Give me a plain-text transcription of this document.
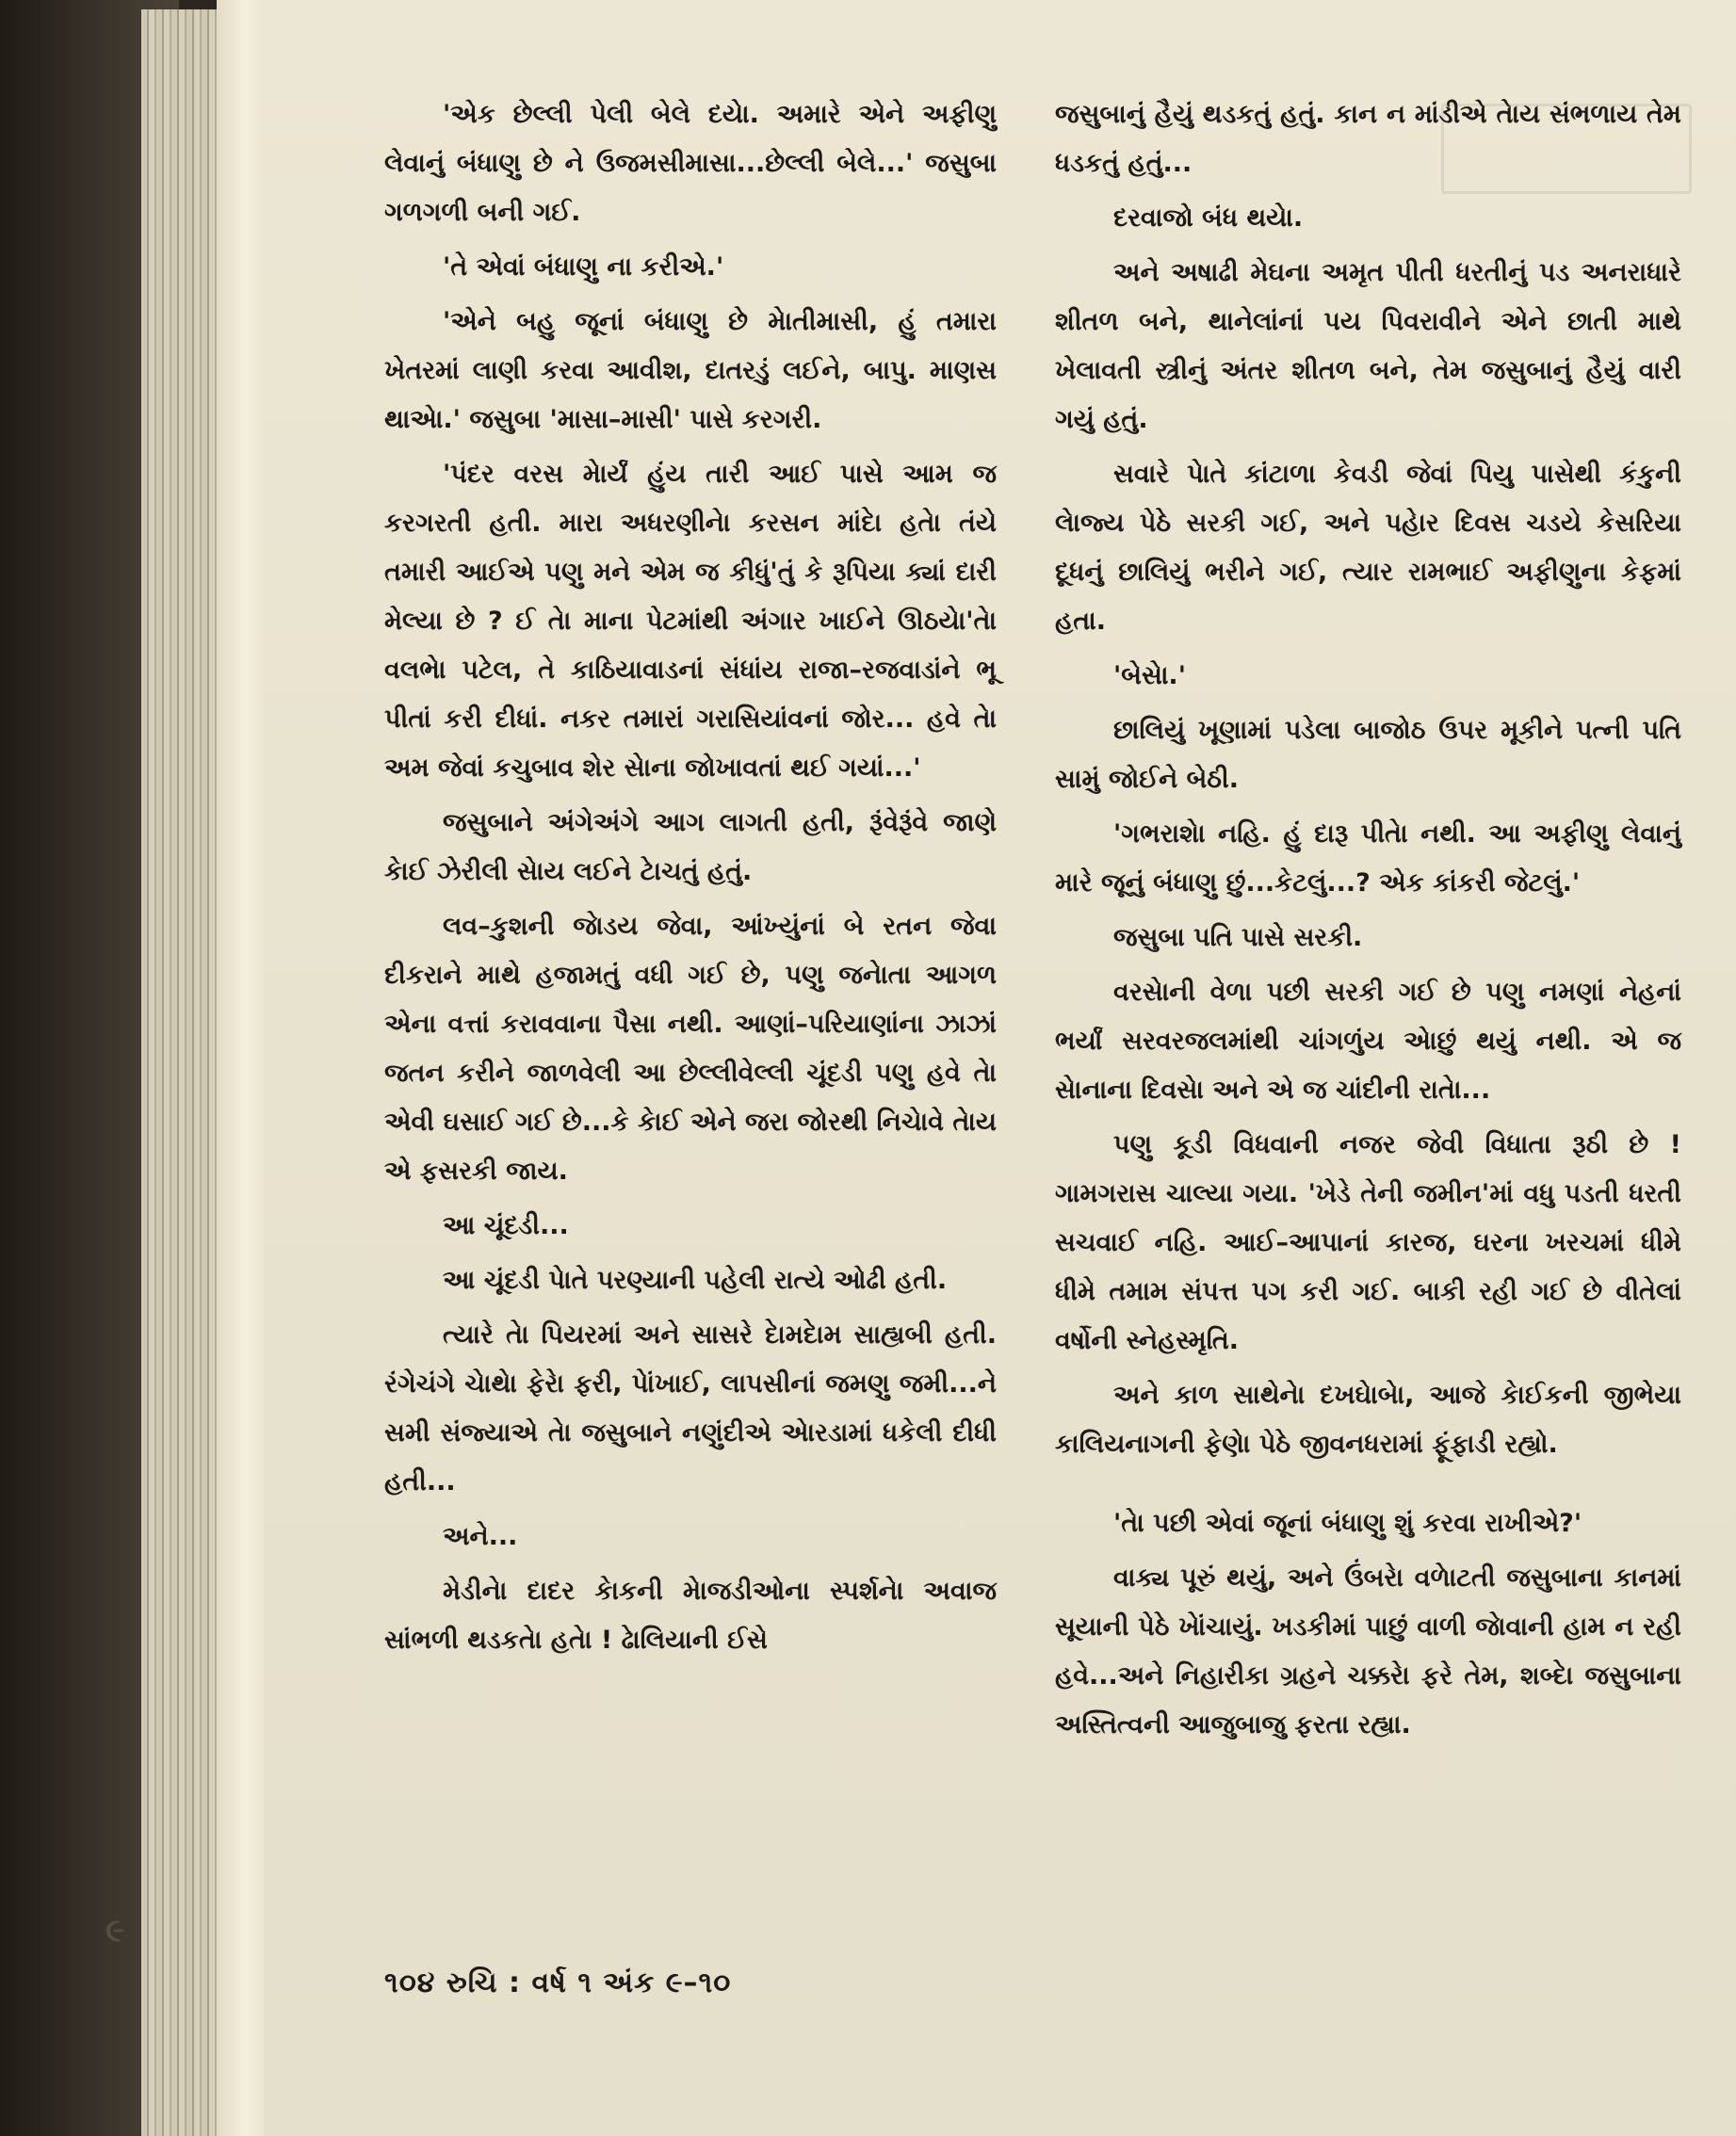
'એક છેલ્લી પેલી બેલે દયેા. અમારે એને અફીણુ લેવાનું બંધાણુ છે ને ઉજમસીમાસા...છેલ્લી બેલે...' જસુબા ગળગળી બની ગઈ.

'તે એવાં બંધાણુ ના કરીએ.'

'એને બહુ જૂનાં બંધાણુ છે મેાતીમાસી, હું તમારા ખેતરમાં લાણી કરવા આવીશ, દાતરડું લઈને, બાપુ. માણસ થાએા.' જસુબા 'માસા–માસી' પાસે કરગરી.

'પંદર વરસ મેાર્યં હુંય તારી આઈ પાસે આમ જ કરગરતી હતી. મારા અધરણીનેા કરસન માંદેા હતેા તંયે તમારી આઈએ પણુ મને એમ જ કીધું'તું કે રૂપિયા ક્યાં દારી મેલ્યા છે ? ઈ તેા માના પેટમાંથી અંગાર ખાઈને ઊઠયેા'તેા વલભેા પટેલ, તે કાઠિયાવાડનાં સંધાંય રાજા–રજવાડાંને ભૂ પીતાં કરી દીધાં. નકર તમારાં ગરાસિયાંવનાં જોર... હવે તેા અમ જેવાં કચુબાવ શેર સેાના જોખાવતાં થઈ ગયાં...'

જસુબાને અંગેઅંગે આગ લાગતી હતી, રૂંવેરૂંવે જાણે કેાઈ ઝેરીલી સેાય લઈને ટેાચતું હતું.

લવ–કુશની જેાડય જેવા, આંખ્યુંનાં બે રતન જેવા દીકરાને માથે હજામતું વધી ગઈ છે, પણુ જનેાતા આગળ એના વત્તાં કરાવવાના પૈસા નથી. આણાં–પરિયાણાંના ઝાઝાં જતન કરીને જાળવેલી આ છેલ્લીવેલ્લી ચૂંદડી પણુ હવે તેા એવી ઘસાઈ ગઈ છે...કે કેાઈ એને જરા જોરથી નિચેાવે તેાય એ ફસરકી જાય.

આ ચૂંદડી...

આ ચૂંદડી પેાતે પરણ્યાની પહેલી રાત્યે ઓઢી હતી.

ત્યારે તેા પિયરમાં અને સાસરે દેામદેામ સાહ્યબી હતી. રંગેચંગે ચેાથેા ફેરેા ફરી, પેાંખાઈ, લાપસીનાં જમણુ જમી...ને સમી સંજ્યાએ તેા જસુબાને નણુંદીએ એારડામાં ધકેલી દીધી હતી...

અને...

મેડીનેા દાદર કેાકની મેાજડીઓના સ્પર્શનેા અવાજ સાંભળી થડકતેા હતેા ! ઢેાલિયાની ઈસે

જસુબાનું હૈયું થડકતું હતું. કાન ન માંડીએ તેાય સંભળાય તેમ ધડકતું હતું...

દરવાજો બંધ થયેા.

અને અષાઢી મેઘના અમૃત પીતી ધરતીનું પડ અનરાધારે શીતળ બને, થાનેલાંનાં પય પિવરાવીને એને છાતી માથે ખેલાવતી સ્ત્રીનું અંતર શીતળ બને, તેમ જસુબાનું હૈયું વારી ગયું હતું.

સવારે પેાતે કાંટાળા કેવડી જેવાં પિયુ પાસેથી કંકુની લેાજ્ય પેઠે સરકી ગઈ, અને પહેાર દિવસ ચડયે કેસરિયા દૂધનું છાલિયું ભરીને ગઈ, ત્યાર રામભાઈ અફીણુના કેફમાં હતા.

'બેસેા.'

છાલિયું ખૂણામાં પડેલા બાજોઠ ઉપર મૂકીને પત્ની પતિ સામું જોઈને બેઠી.

'ગભરાશેા નહિ. હું દારૂ પીતેા નથી. આ અફીણુ લેવાનું મારે જૂનું બંધાણુ છું...કેટલું...? એક કાંકરી જેટલું.'

જસુબા પતિ પાસે સરકી.

વરસેાની વેળા પછી સરકી ગઈ છે પણુ નમણાં નેહનાં ભર્યાં સરવરજલમાંથી ચાંગળુંય એાછું થયું નથી. એ જ સેાનાના દિવસેા અને એ જ ચાંદીની રાતેા...

પણુ કૂડી વિધવાની નજર જેવી વિધાતા રૂઠી છે ! ગામગરાસ ચાલ્યા ગયા. 'ખેડે તેની જમીન'માં વધુ પડતી ધરતી સચવાઈ નહિ. આઈ–આપાનાં કારજ, ઘરના ખરચમાં ધીમે ધીમે તમામ સંપત્ત પગ કરી ગઈ. બાકી રહી ગઈ છે વીતેલાં વર્ષોની સ્નેહસ્મૃતિ.

અને કાળ સાથેનેા દખઘેાબેા, આજે કેાઈકની જીભેયા કાલિયનાગની ફેણેા પેઠે જીવનધરામાં ફૂંફાડી રહ્યો.

'તેા પછી એવાં જૂનાં બંધાણુ શું કરવા રાખીએ?'

વાક્ય પૂરું થયું, અને ઉંબરેા વળેાટતી જસુબાના કાનમાં સૂયાની પેઠે ખેાંચાયું. ખડકીમાં પાછું વાળી જેાવાની હામ ન રહી હવે...અને નિહારીકા ગ્રહને ચક્કરેા ફરે તેમ, શબ્દેા જસુબાના અસ્તિત્વની આજુબાજુ ફરતા રહ્યા.

૯
૧૦૪ રુચિ : વર્ષ ૧ અંક ૯–૧૦
